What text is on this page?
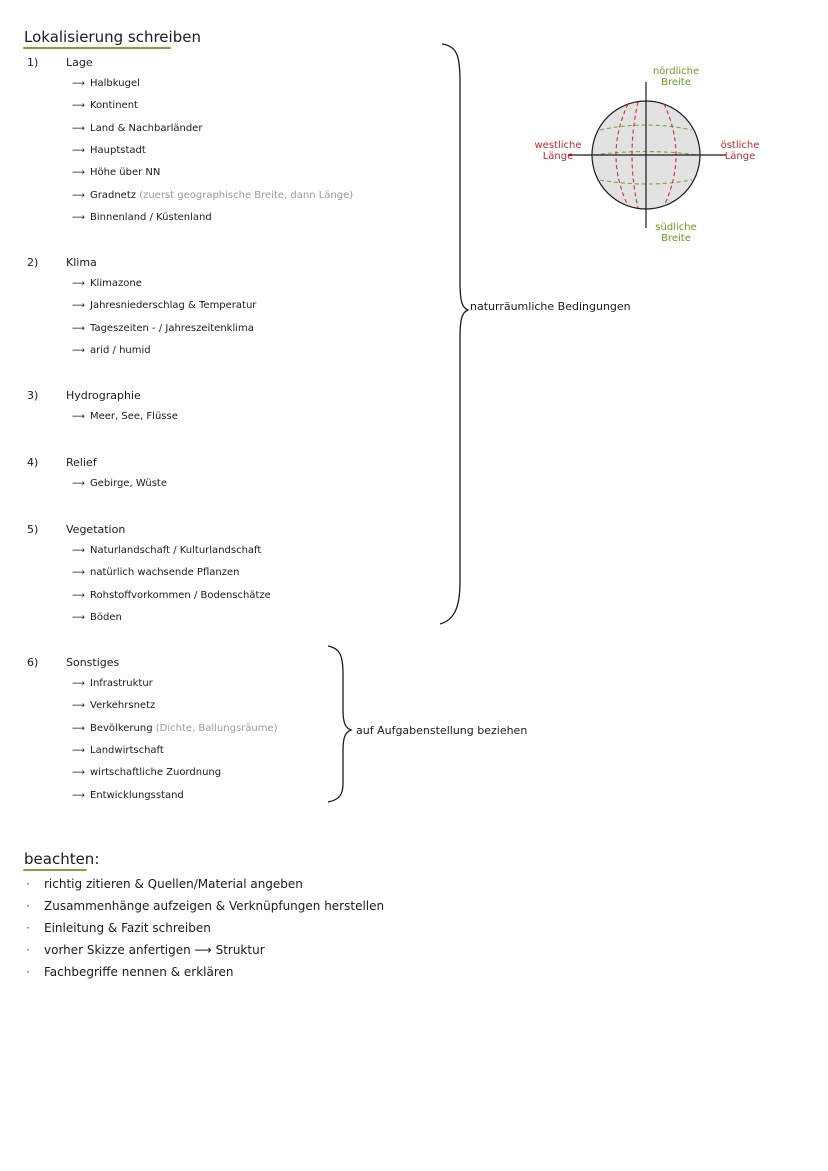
Lokalisierung schreiben
1)	Lage
⟶ Halbkugel
⟶ Kontinent
⟶ Land & Nachbarländer
⟶ Hauptstadt
⟶ Höhe über NN
⟶ Gradnetz (zuerst geographische Breite, dann Länge)
⟶ Binnenland / Küstenland
2)	Klima
⟶ Klimazone
⟶ Jahresniederschlag & Temperatur
⟶ Tageszeiten - / Jahreszeitenklima
⟶ arid / humid
3)	Hydrographie
⟶ Meer, See, Flüsse
4)	Relief
⟶ Gebirge, Wüste
5)	Vegetation
⟶ Naturlandschaft / Kulturlandschaft
⟶ natürlich wachsende Pflanzen
⟶ Rohstoffvorkommen / Bodenschätze
⟶ Böden
6)	Sonstiges
⟶ Infrastruktur
⟶ Verkehrsnetz
⟶ Bevölkerung (Dichte, Ballungsräume)
⟶ Landwirtschaft
⟶ wirtschaftliche Zuordnung
⟶ Entwicklungsstand
naturräumliche Bedingungen
auf Aufgabenstellung beziehen
nördliche
Breite
südliche
Breite
westliche
Länge
östliche
Länge
beachten:
· richtig zitieren & Quellen/Material angeben
· Zusammenhänge aufzeigen & Verknüpfungen herstellen
· Einleitung & Fazit schreiben
· vorher Skizze anfertigen ⟶ Struktur
· Fachbegriffe nennen & erklären
